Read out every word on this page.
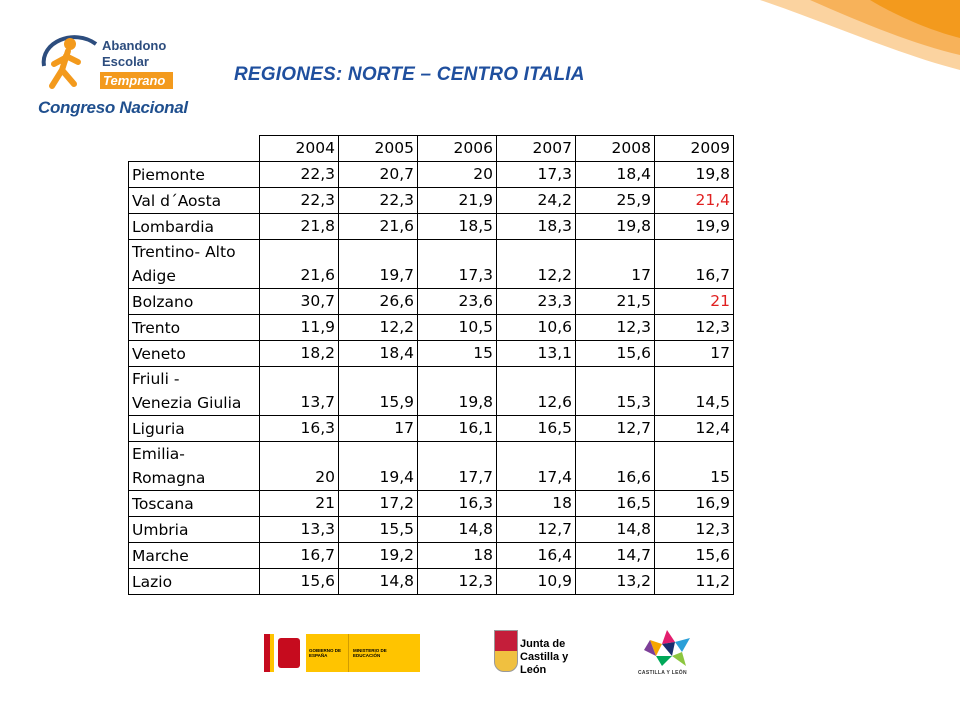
Abandono
Escolar
Temprano
Congreso Nacional
REGIONES: NORTE – CENTRO ITALIA
	2004	2005	2006	2007	2008	2009

Piemonte	22,3	20,7	20	17,3	18,4	19,8

Val d´Aosta	22,3	22,3	21,9	24,2	25,9	21,4

Lombardia	21,8	21,6	18,5	18,3	19,8	19,9

Trentino- Alto
Adige	21,6	19,7	17,3	12,2	17	16,7

Bolzano	30,7	26,6	23,6	23,3	21,5	21

Trento	11,9	12,2	10,5	10,6	12,3	12,3

Veneto	18,2	18,4	15	13,1	15,6	17

Friuli -
Venezia Giulia	13,7	15,9	19,8	12,6	15,3	14,5

Liguria	16,3	17	16,1	16,5	12,7	12,4

Emilia-
Romagna	20	19,4	17,7	17,4	16,6	15

Toscana	21	17,2	16,3	18	16,5	16,9

Umbria	13,3	15,5	14,8	12,7	14,8	12,3

Marche	16,7	19,2	18	16,4	14,7	15,6

Lazio	15,6	14,8	12,3	10,9	13,2	11,2
GOBIERNO DE ESPAÑA
MINISTERIO DE EDUCACIÓN
Junta de
Castilla y León	CASTILLA Y LEÓN
